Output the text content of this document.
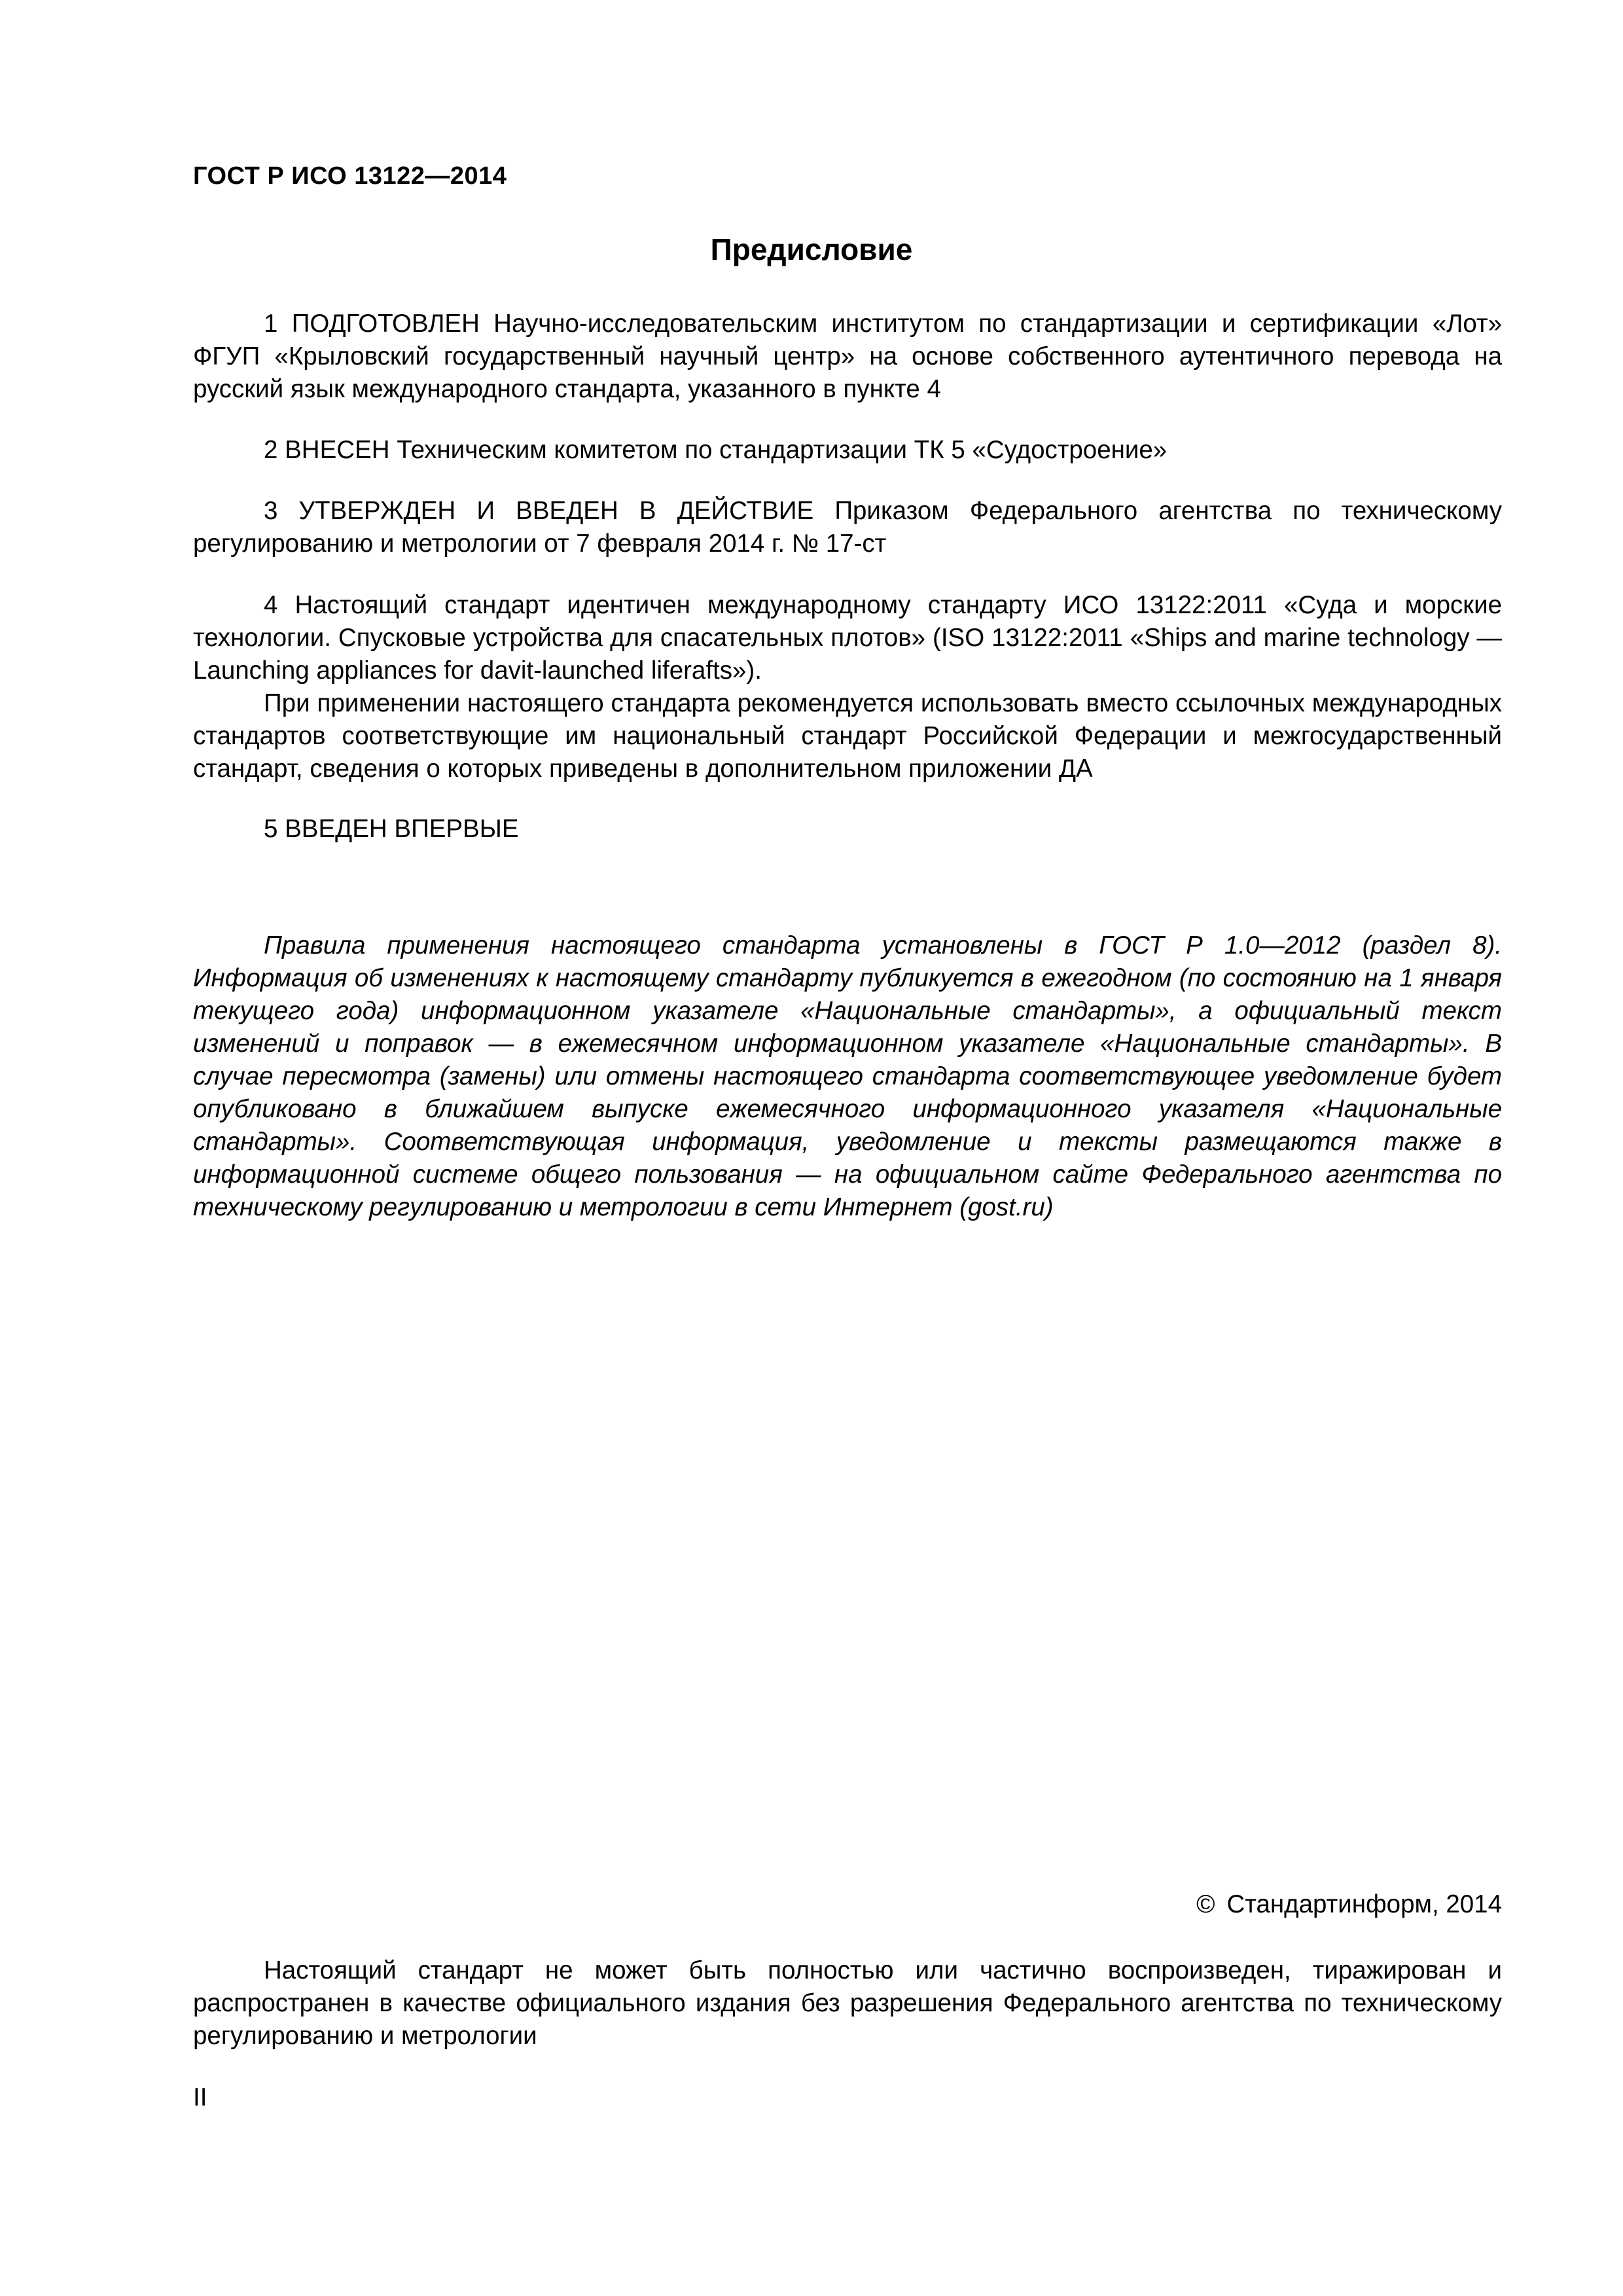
ГОСТ Р ИСО 13122—2014
Предисловие

1 ПОДГОТОВЛЕН Научно-исследовательским институтом по стандартизации и сертификации «Лот» ФГУП «Крыловский государственный научный центр» на основе собственного аутентичного перевода на русский язык международного стандарта, указанного в пункте 4

2 ВНЕСЕН Техническим комитетом по стандартизации ТК 5 «Судостроение»

3 УТВЕРЖДЕН И ВВЕДЕН В ДЕЙСТВИЕ Приказом Федерального агентства по техническому регулированию и метрологии от 7 февраля 2014 г. № 17-ст

4 Настоящий стандарт идентичен международному стандарту ИСО 13122:2011 «Суда и морские технологии. Спусковые устройства для спасательных плотов» (ISO 13122:2011 «Ships and marine technology — Launching appliances for davit-launched liferafts»).

При применении настоящего стандарта рекомендуется использовать вместо ссылочных международных стандартов соответствующие им национальный стандарт Российской Федерации и межгосударственный стандарт, сведения о которых приведены в дополнительном приложении ДА

5 ВВЕДЕН ВПЕРВЫЕ

Правила применения настоящего стандарта установлены в ГОСТ Р 1.0—2012 (раздел 8). Информация об изменениях к настоящему стандарту публикуется в ежегодном (по состоянию на 1 января текущего года) информационном указателе «Национальные стандарты», а официальный текст изменений и поправок — в ежемесячном информационном указателе «Национальные стандарты». В случае пересмотра (замены) или отмены настоящего стандарта соответствующее уведомление будет опубликовано в ближайшем выпуске ежемесячного информационного указателя «Национальные стандарты». Соответствующая информация, уведомление и тексты размещаются также в информационной системе общего пользования — на официальном сайте Федерального агентства по техническому регулированию и метрологии в сети Интернет (gost.ru)

© Стандартинформ, 2014

Настоящий стандарт не может быть полностью или частично воспроизведен, тиражирован и распространен в качестве официального издания без разрешения Федерального агентства по техническому регулированию и метрологии

II
